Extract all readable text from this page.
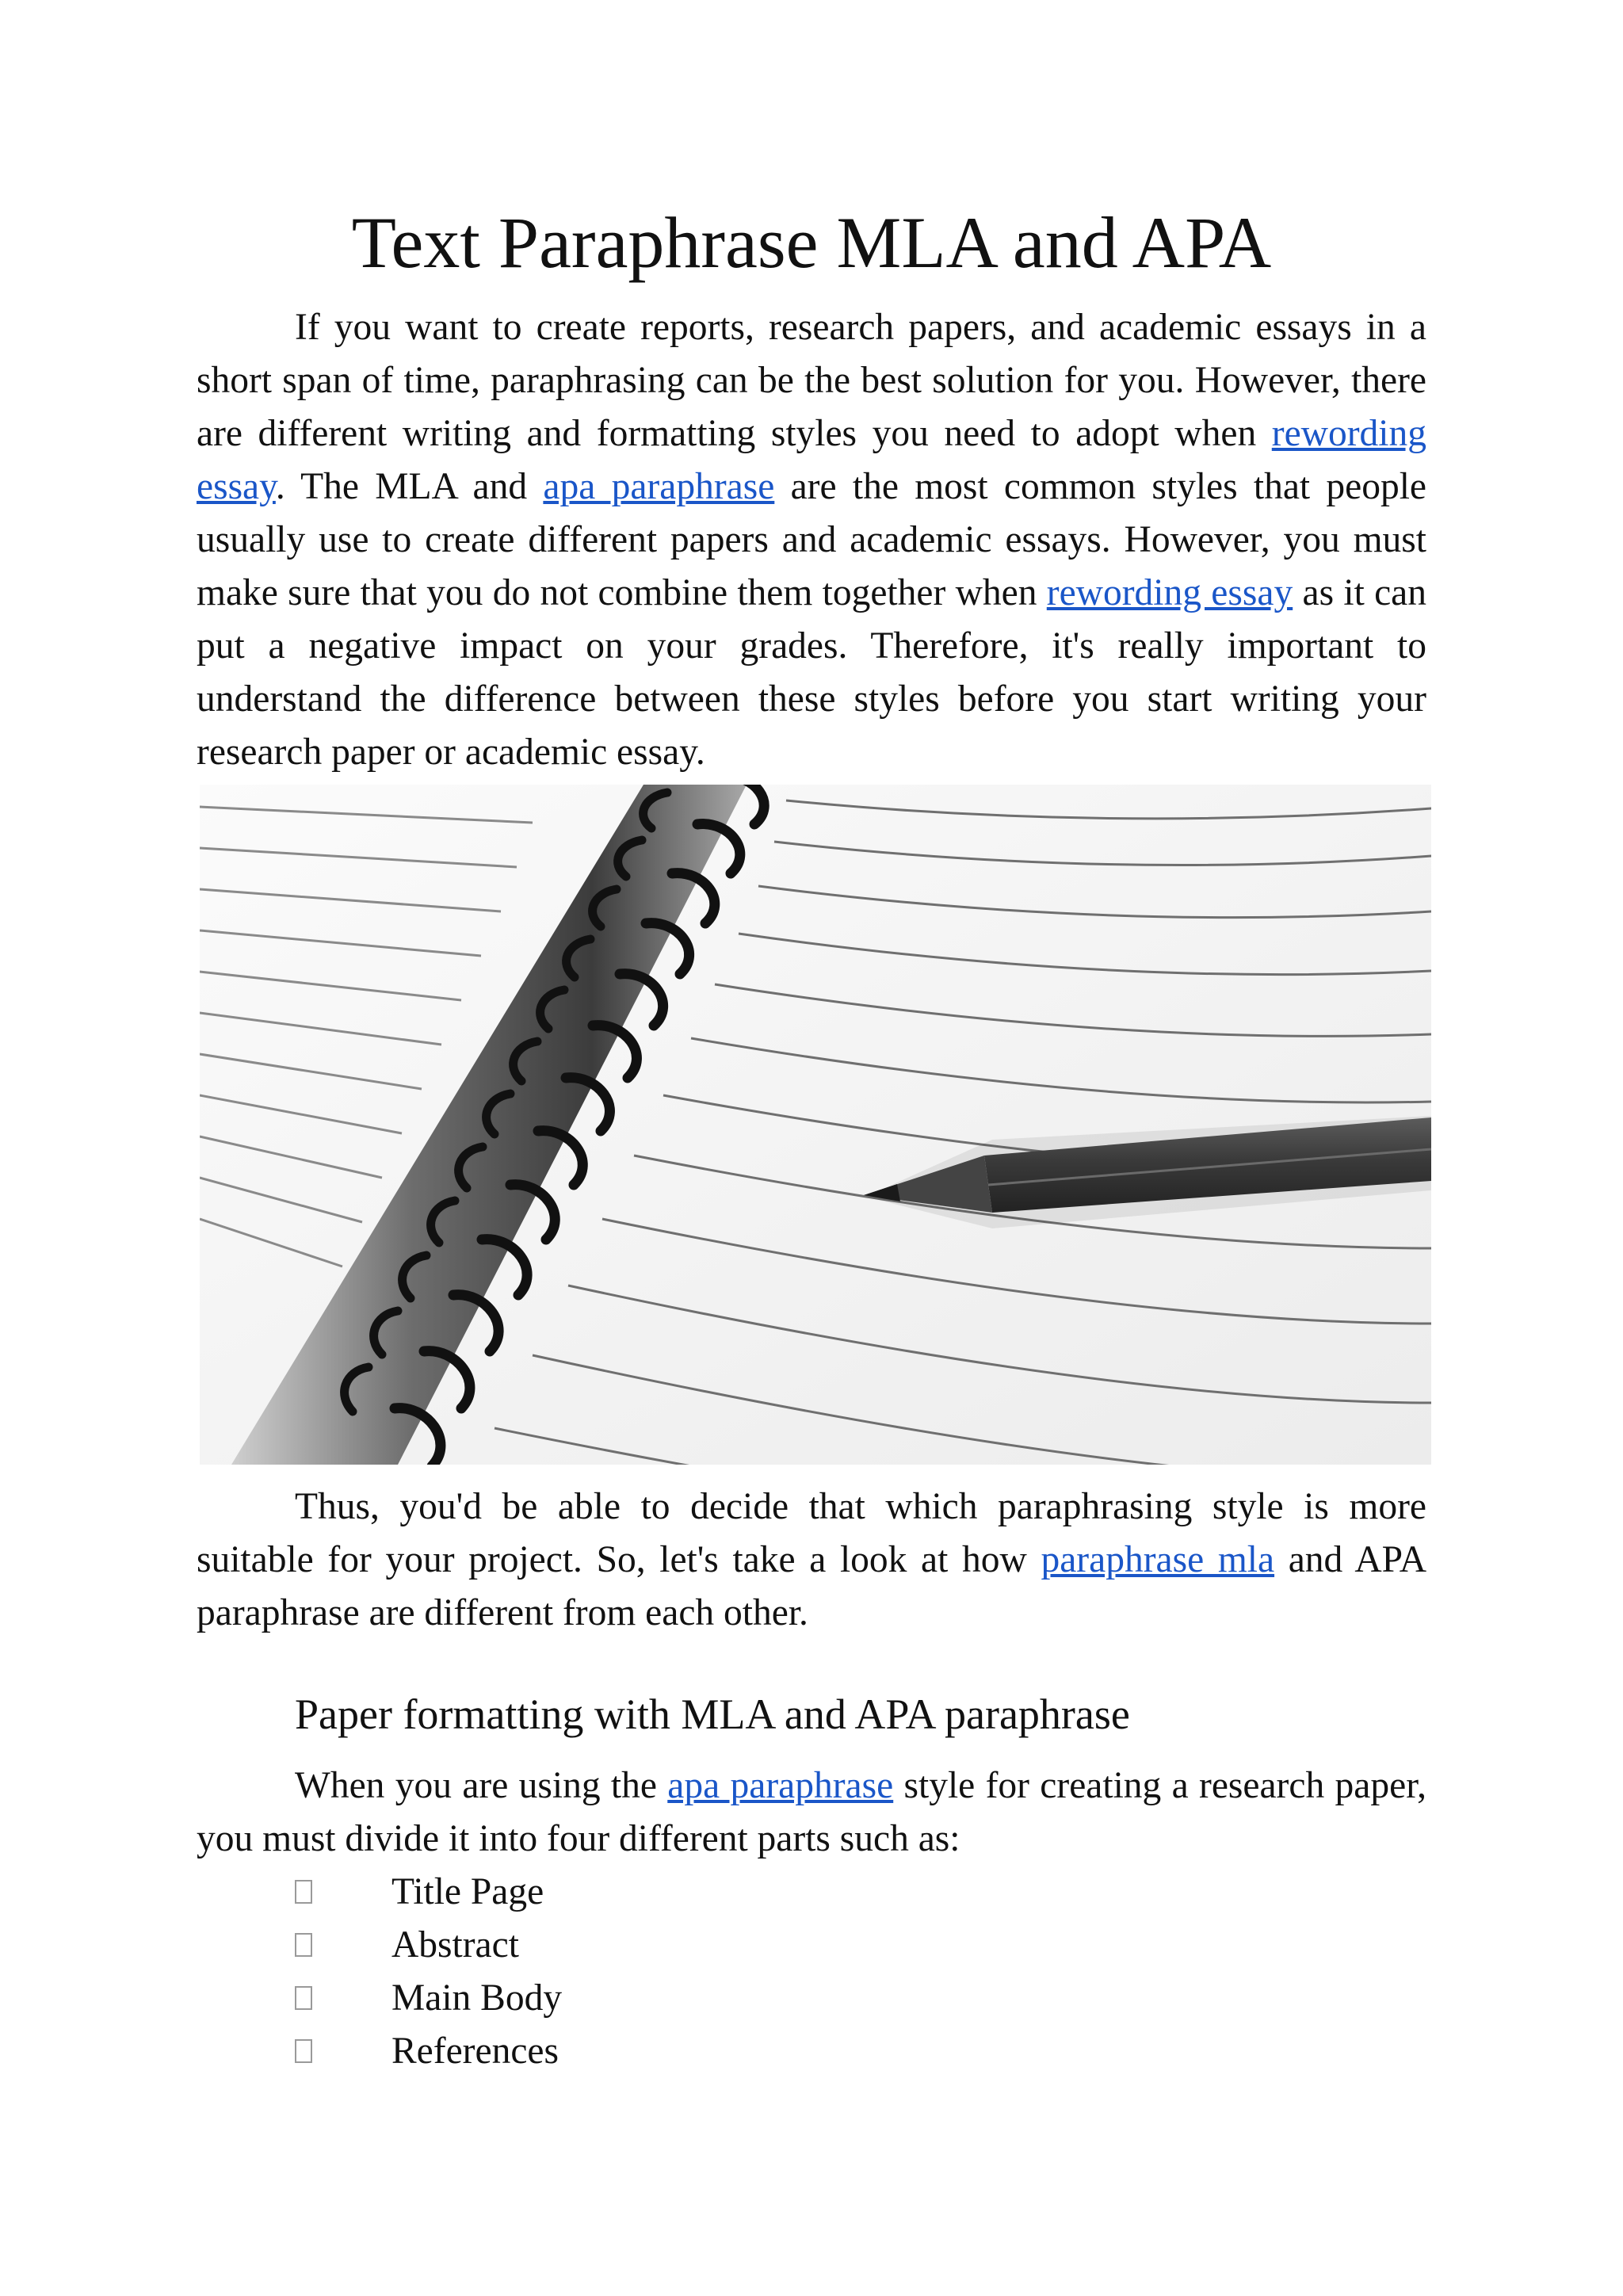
Text Paraphrase MLA and APA

If you want to create reports, research papers, and academic essays in a short span of time, paraphrasing can be the best solution for you. However, there are different writing and formatting styles you need to adopt when rewording essay. The MLA and apa paraphrase are the most common styles that people usually use to create different papers and academic essays. However, you must make sure that you do not combine them together when rewording essay as it can put a negative impact on your grades. Therefore, it's really important to understand the difference between these styles before you start writing your research paper or academic essay.

Thus, you'd be able to decide that which paraphrasing style is more suitable for your project. So, let's take a look at how paraphrase mla and APA paraphrase are different from each other.

Paper formatting with MLA and APA paraphrase

When you are using the apa paraphrase style for creating a research paper, you must divide it into four different parts such as:

Title Page
Abstract
Main Body
References
